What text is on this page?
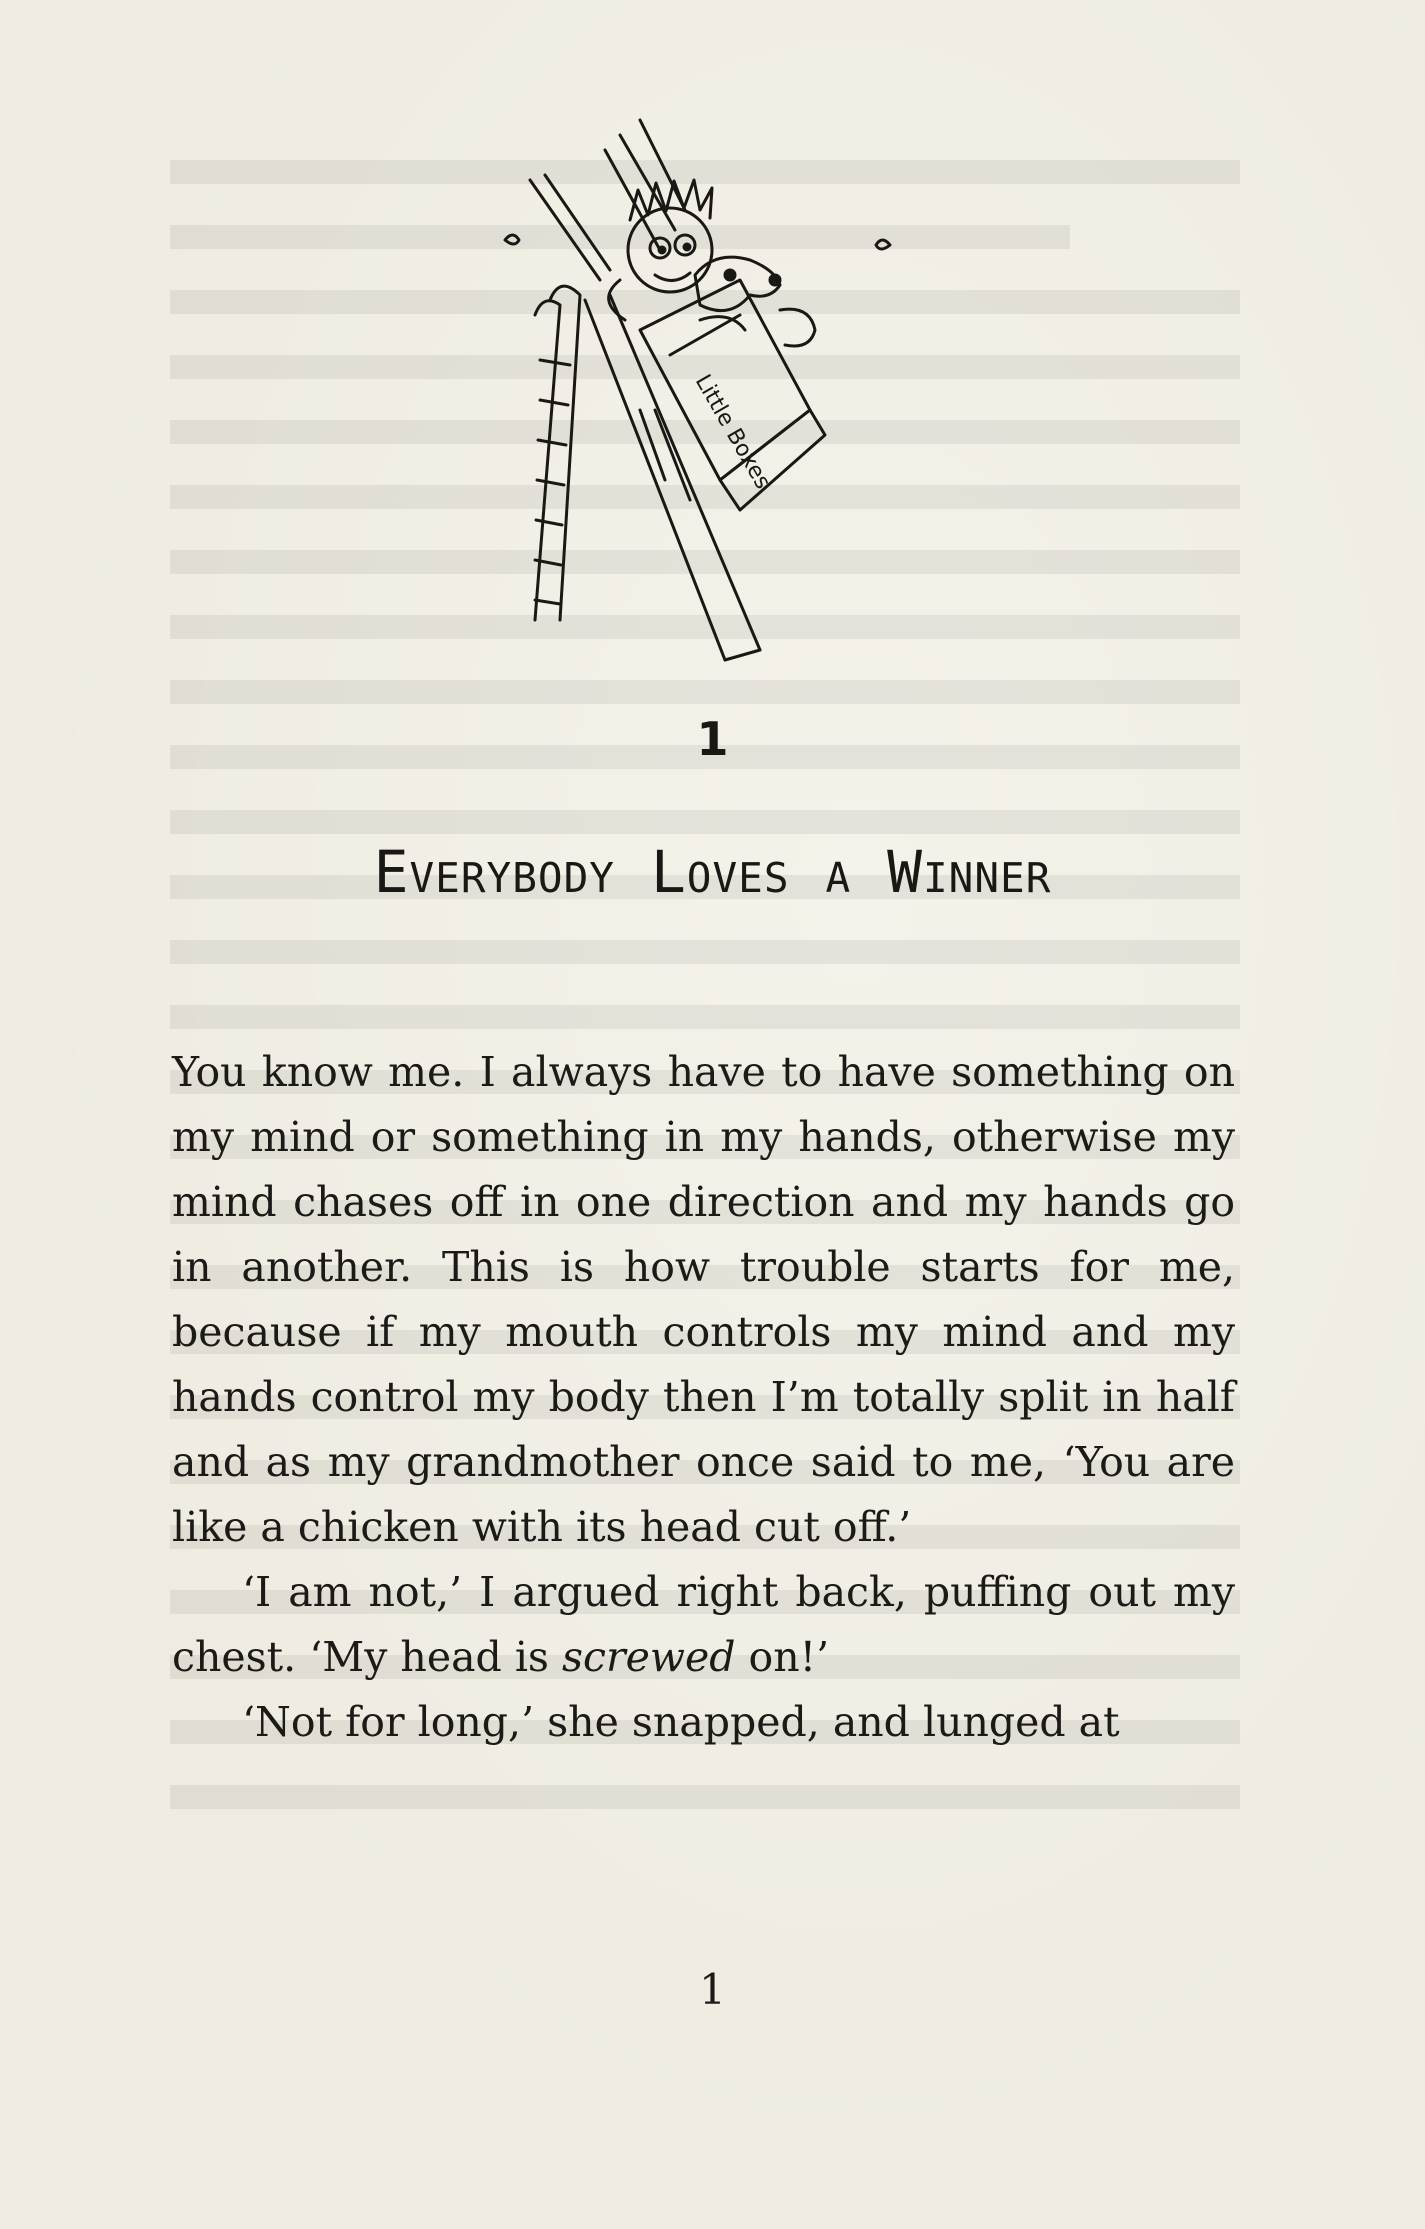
Little Boxes
1
Everybody Loves a Winner

You know me. I always have to have something on my mind or something in my hands, otherwise my mind chases off in one direction and my hands go in another. This is how trouble starts for me, because if my mouth controls my mind and my hands control my body then I’m totally split in half and as my grandmother once said to me, ‘You are like a chicken with its head cut off.’

‘I am not,’ I argued right back, puffing out my chest. ‘My head is screwed on!’

‘Not for long,’ she snapped, and lunged at

1
